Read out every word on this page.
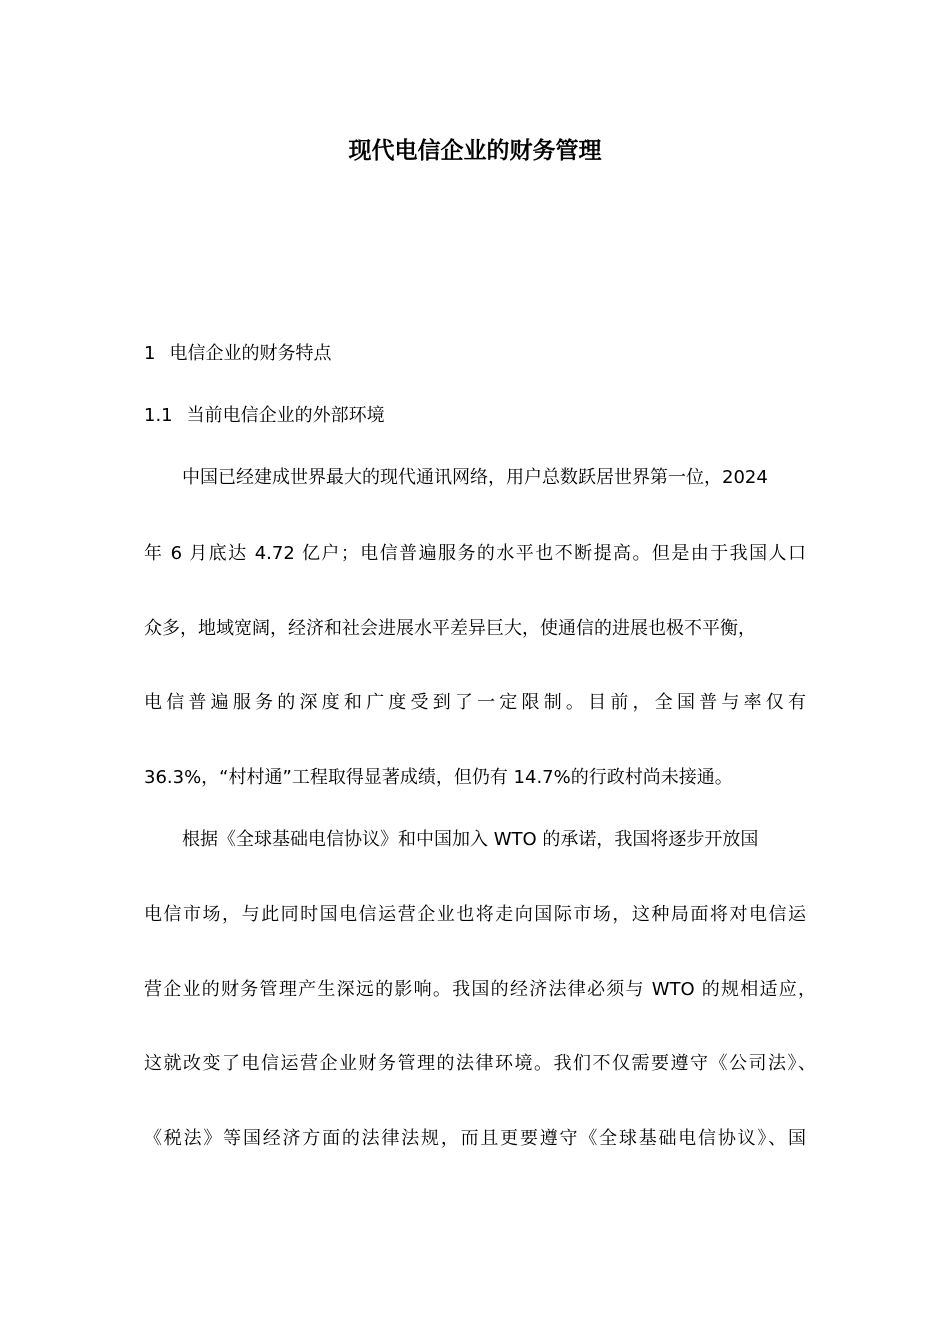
现代电信企业的财务管理
1 电信企业的财务特点
1.1 当前电信企业的外部环境

中国已经建成世界最大的现代通讯网络，用户总数跃居世界第一位，2024

年 6 月底达 4.72 亿户；电信普遍服务的水平也不断提高。但是由于我国人口

众多，地域宽阔，经济和社会进展水平差异巨大，使通信的进展也极不平衡，

电信普遍服务的深度和广度受到了一定限制。目前，全国普与率仅有

36.3%，“村村通”工程取得显著成绩，但仍有 14.7%的行政村尚未接通。

根据《全球基础电信协议》和中国加入 WTO 的承诺，我国将逐步开放国

电信市场，与此同时国电信运营企业也将走向国际市场，这种局面将对电信运

营企业的财务管理产生深远的影响。我国的经济法律必须与 WTO 的规相适应，

这就改变了电信运营企业财务管理的法律环境。我们不仅需要遵守《公司法》、

《税法》等国经济方面的法律法规，而且更要遵守《全球基础电信协议》、国
